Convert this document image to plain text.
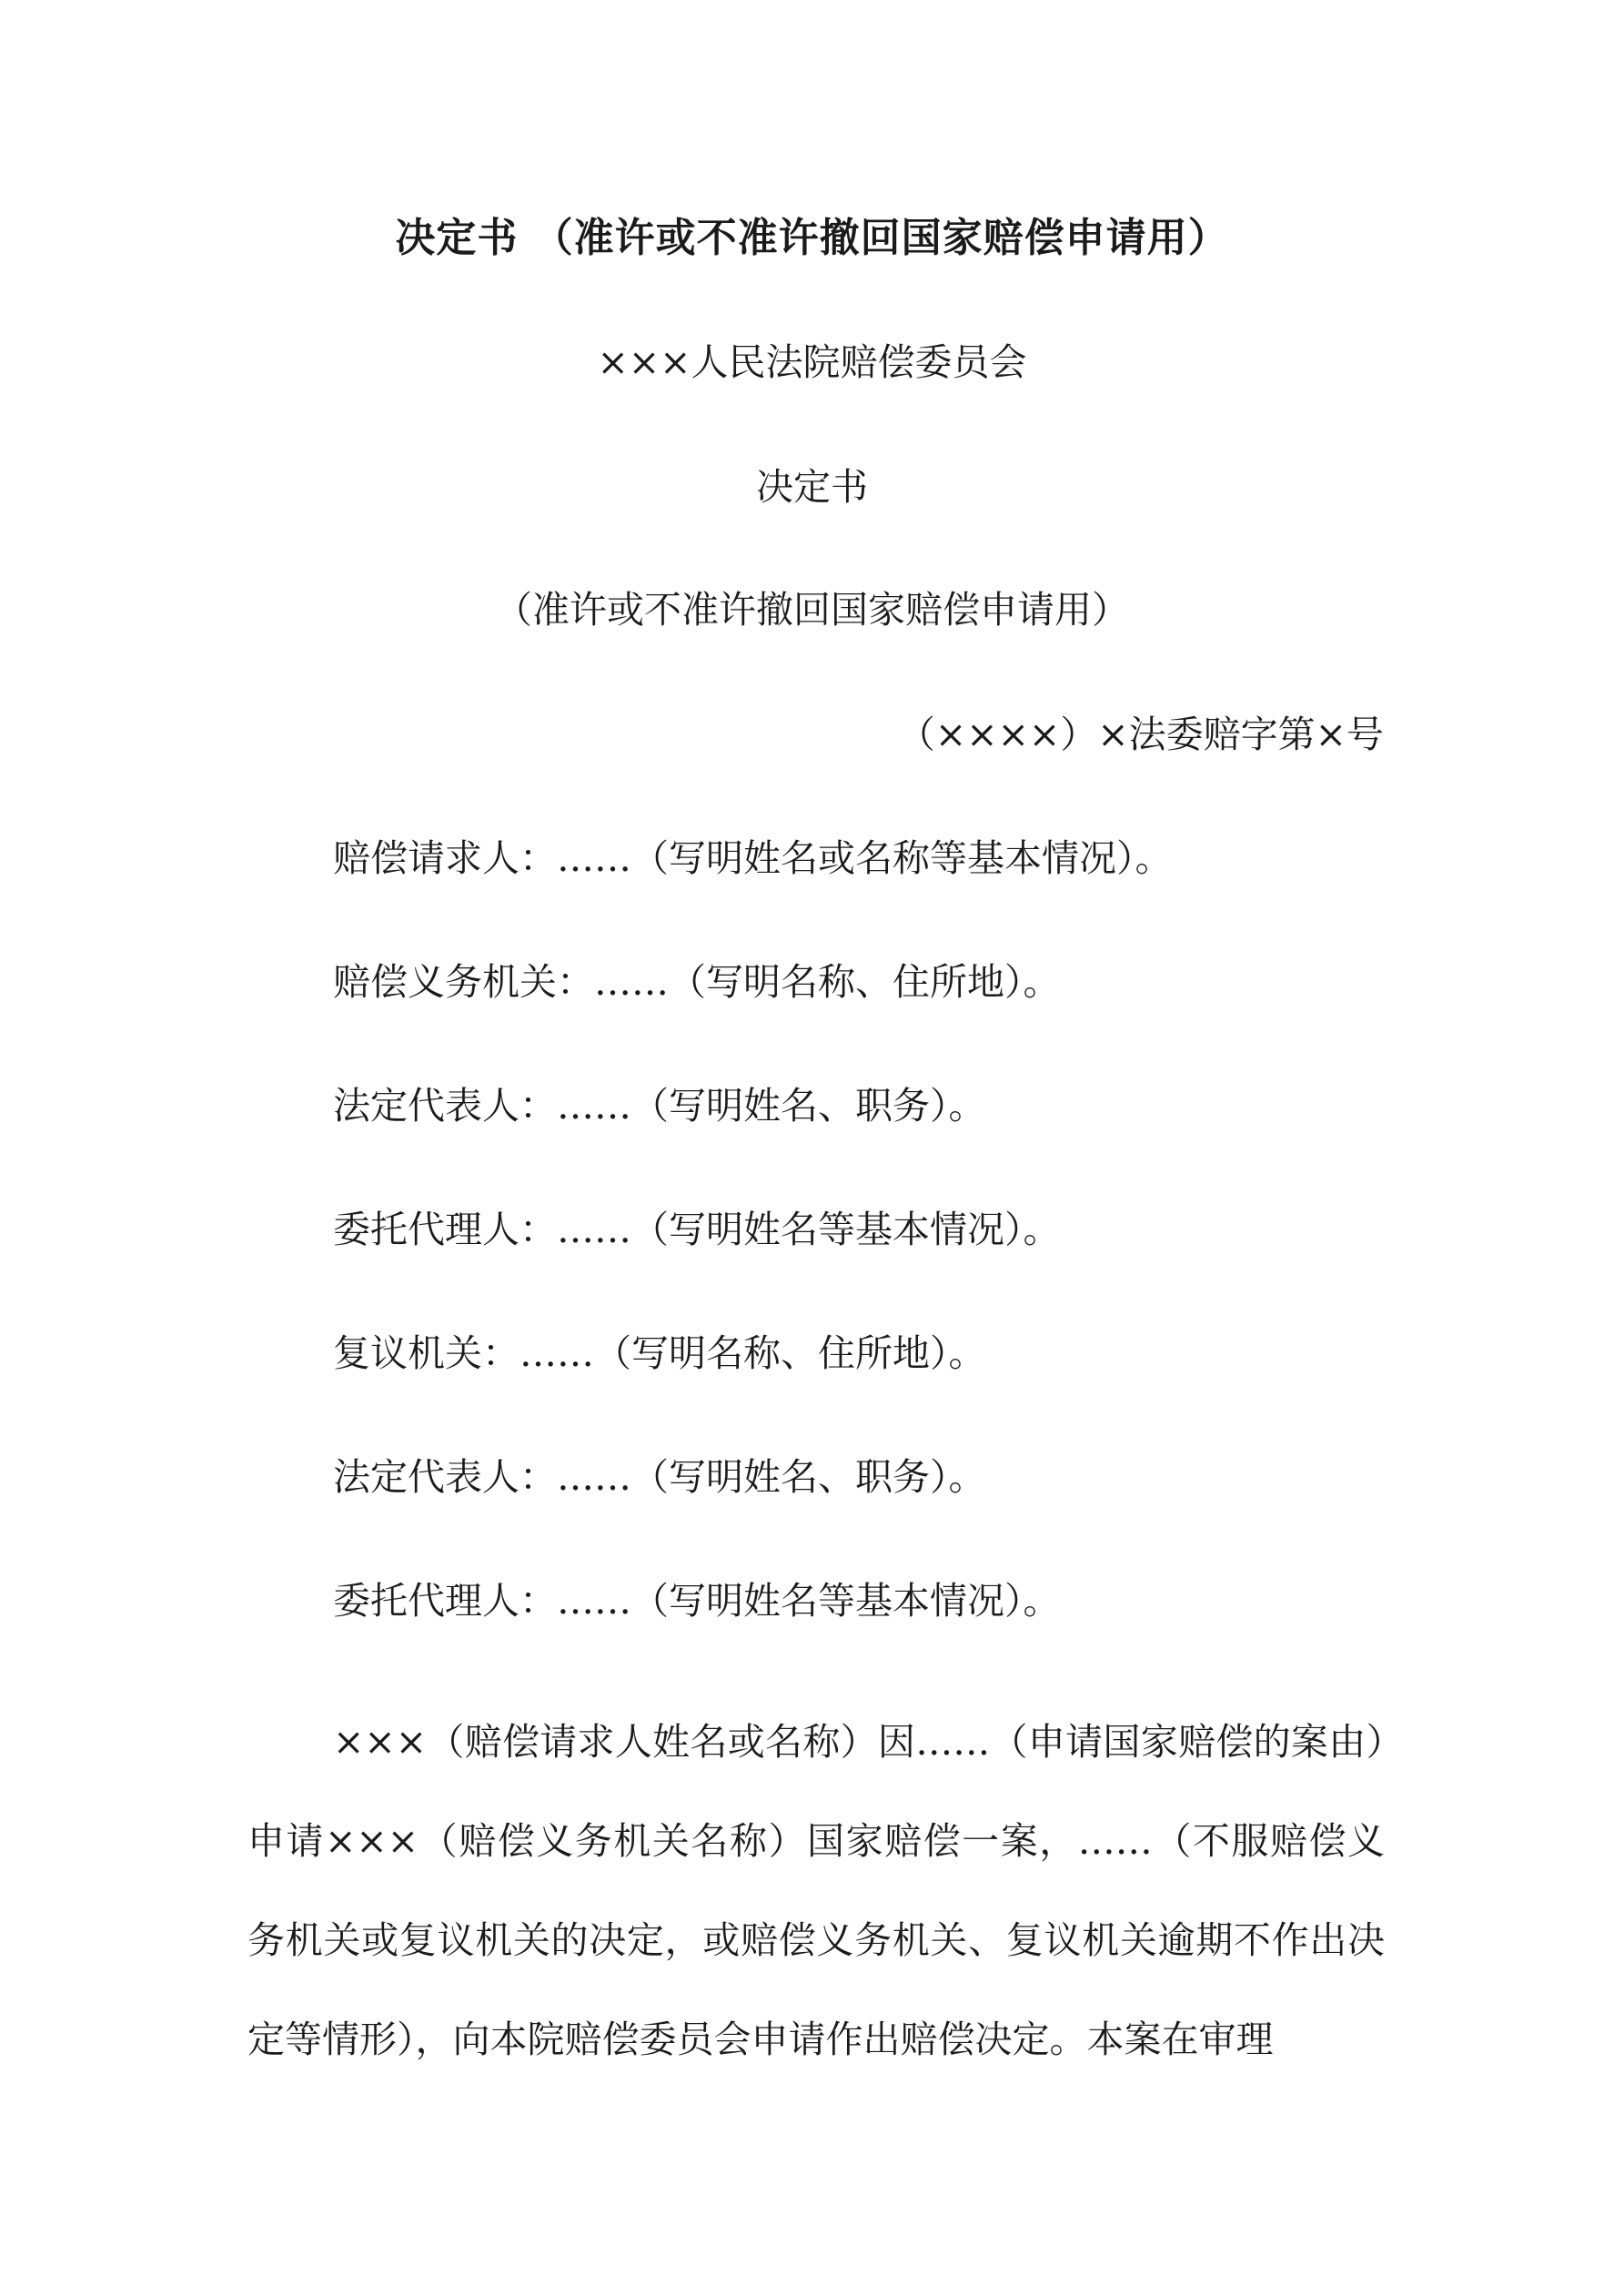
决定书 （准许或不准许撤回国家赔偿申请用）

×××人民法院赔偿委员会

决定书

（准许或不准许撤回国家赔偿申请用）

（××××）×法委赔字第×号

赔偿请求人：……（写明姓名或名称等基本情况）。

赔偿义务机关：……（写明名称、住所地）。

法定代表人：……（写明姓名、职务）。

委托代理人：……（写明姓名等基本情况）。

复议机关：……（写明名称、住所地）。

法定代表人：……（写明姓名、职务）。

委托代理人：……（写明姓名等基本情况）。

×××（赔偿请求人姓名或名称）因……（申请国家赔偿的案由）申请×××（赔偿义务机关名称）国家赔偿一案，……（不服赔偿义务机关或复议机关的决定，或赔偿义务机关、复议机关逾期不作出决定等情形），向本院赔偿委员会申请作出赔偿决定。本案在审理
